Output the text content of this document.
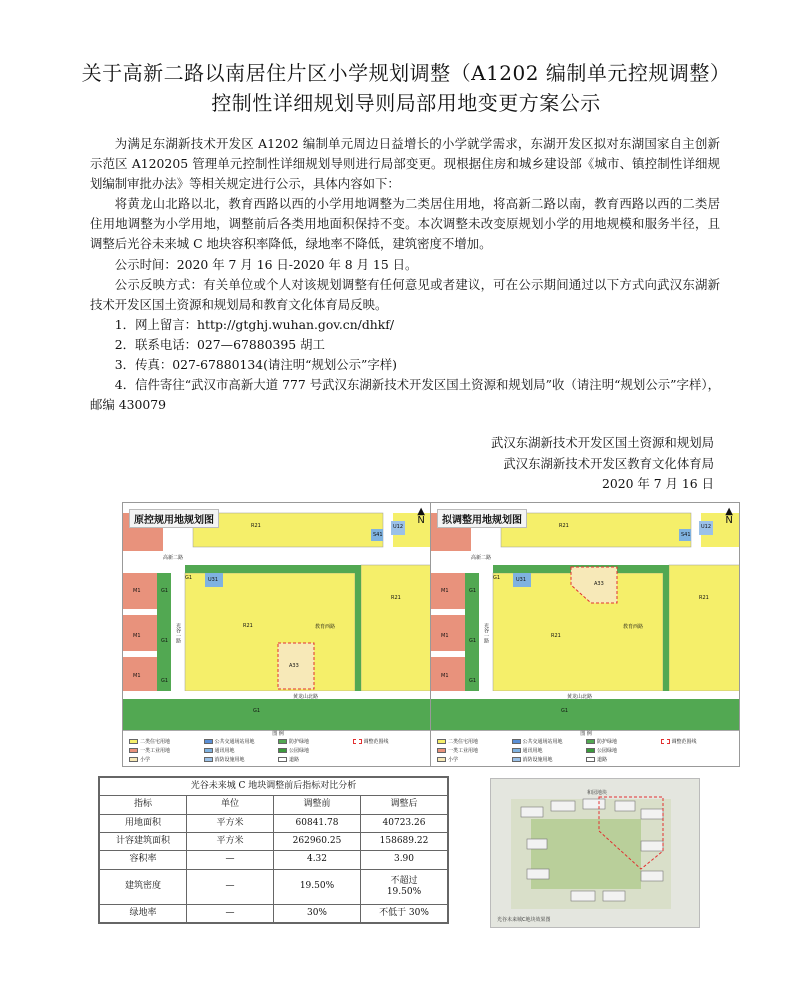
关于高新二路以南居住片区小学规划调整（A1202 编制单元控规调整）控制性详细规划导则局部用地变更方案公示

为满足东湖新技术开发区 A1202 编制单元周边日益增长的小学就学需求，东湖开发区拟对东湖国家自主创新示范区 A120205 管理单元控制性详细规划导则进行局部变更。现根据住房和城乡建设部《城市、镇控制性详细规划编制审批办法》等相关规定进行公示，具体内容如下：

将黄龙山北路以北，教育西路以西的小学用地调整为二类居住用地，将高新二路以南，教育西路以西的二类居住用地调整为小学用地，调整前后各类用地面积保持不变。本次调整未改变原规划小学的用地规模和服务半径，且调整后光谷未来城 C 地块容积率降低，绿地率不降低，建筑密度不增加。

公示时间：2020 年 7 月 16 日-2020 年 8 月 15 日。

公示反映方式：有关单位或个人对该规划调整有任何意见或者建议，可在公示期间通过以下方式向武汉东湖新技术开发区国土资源和规划局和教育文化体育局反映。

1．网上留言：http://gtghj.wuhan.gov.cn/dhkf/

2．联系电话：027—67880395 胡工

3．传真：027-67880134(请注明“规划公示”字样)

4．信件寄往“武汉市高新大道 777 号武汉东湖新技术开发区国土资源和规划局”收（请注明“规划公示”字样），邮编 430079

武汉东湖新技术开发区国土资源和规划局
武汉东湖新技术开发区教育文化体育局
2020 年 7 月 16 日
原控规用地规划图
▲
N
高新二路
光谷一路	教育西路
黄龙山北路
R21
R21
R21
G1
G1
G1
G1
G1
M1
M1
M1
U31
S41
U12
A33
图 例
二类住宅用地	公共交通场站用地	防护绿地	调整范围线
一类工业用地	通讯用地	公园绿地
小学	消防设施用地	道路
拟调整用地规划图
▲
N
高新二路
光谷一路	教育西路
黄龙山北路
R21
R21
R21
G1
G1
G1
G1
G1
M1
M1
M1
U31
S41
U12
A33
图 例
二类住宅用地	公共交通场站用地	防护绿地	调整范围线
一类工业用地	通讯用地	公园绿地
小学	消防设施用地	道路
光谷未来城 C 地块调整前后指标对比分析			
指标	单位	调整前	调整后
用地面积	平方米	60841.78	40723.26
计容建筑面积	平方米	262960.25	158689.22
容积率	—	4.32	3.90
建筑密度	—	19.50%	不超过
19.50%
绿地率	—	30%	不低于 30%
和园地块
光谷未来城C地块效果图
